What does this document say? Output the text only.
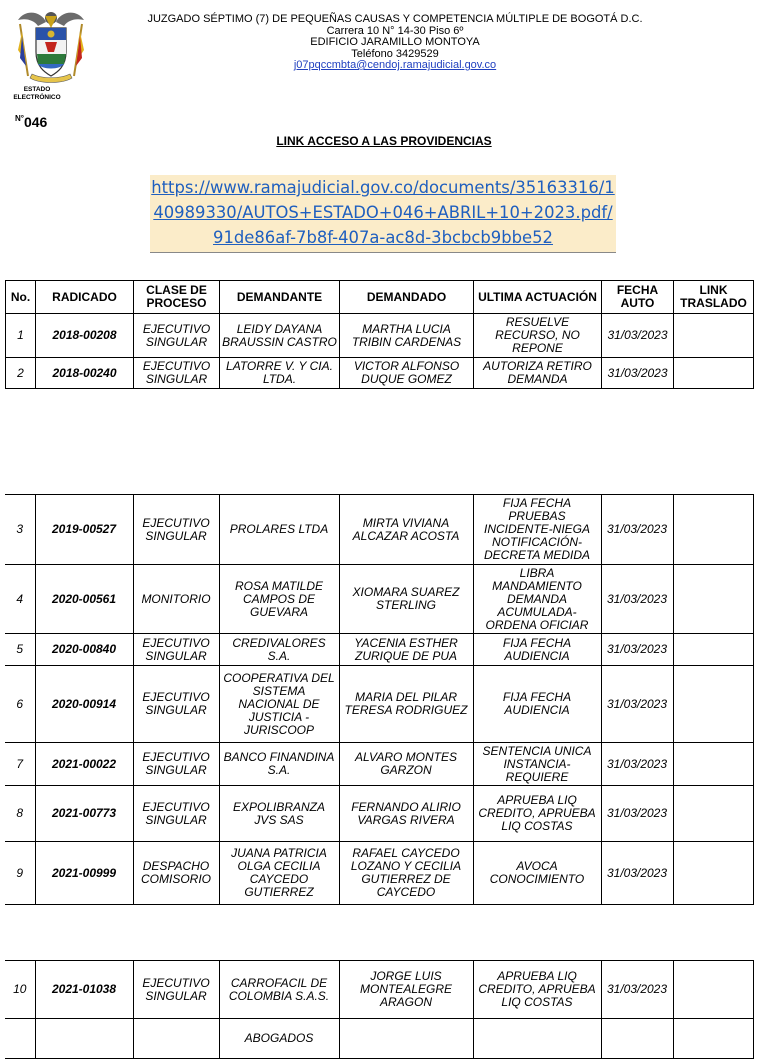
ESTADO ELECTRÓNICO
$^{N^\circ}$046
JUZGADO SÉPTIMO (7) DE PEQUEÑAS CAUSAS Y COMPETENCIA MÚLTIPLE DE BOGOTÁ D.C.
Carrera 10 N° 14-30 Piso 6º
EDIFICIO JARAMILLO MONTOYA
Teléfono 3429529
j07pqccmbta@cendoj.ramajudicial.gov.co
LINK ACCESO A LAS PROVIDENCIAS
https://www.ramajudicial.gov.co/documents/35163316/140989330/AUTOS+ESTADO+046+ABRIL+10+2023.pdf/91de86af-7b8f-407a-ac8d-3bcbcb9bbe52
No.	RADICADO	CLASE DE PROCESO	DEMANDANTE	DEMANDADO	ULTIMA ACTUACIÓN	FECHA AUTO	LINK TRASLADO
1	2018-00208	EJECUTIVO SINGULAR	LEIDY DAYANA BRAUSSIN CASTRO	MARTHA LUCIA TRIBIN CARDENAS	RESUELVE RECURSO, NO REPONE	31/03/2023	
2	2018-00240	EJECUTIVO SINGULAR	LATORRE V. Y CIA. LTDA.	VICTOR ALFONSO DUQUE GOMEZ	AUTORIZA RETIRO DEMANDA	31/03/2023	
3	2019-00527	EJECUTIVO SINGULAR	PROLARES LTDA	MIRTA VIVIANA ALCAZAR ACOSTA	FIJA FECHA PRUEBAS INCIDENTE-NIEGA NOTIFICACIÓN-DECRETA MEDIDA	31/03/2023	
4	2020-00561	MONITORIO	ROSA MATILDE CAMPOS DE GUEVARA	XIOMARA SUAREZ STERLING	LIBRA MANDAMIENTO DEMANDA ACUMULADA-ORDENA OFICIAR	31/03/2023	
5	2020-00840	EJECUTIVO SINGULAR	CREDIVALORES S.A.	YACENIA ESTHER ZURIQUE DE PUA	FIJA FECHA AUDIENCIA	31/03/2023	
6	2020-00914	EJECUTIVO SINGULAR	COOPERATIVA DEL SISTEMA NACIONAL DE JUSTICIA - JURISCOOP	MARIA DEL PILAR TERESA RODRIGUEZ	FIJA FECHA AUDIENCIA	31/03/2023	
7	2021-00022	EJECUTIVO SINGULAR	BANCO FINANDINA S.A.	ALVARO MONTES GARZON	SENTENCIA UNICA INSTANCIA-REQUIERE	31/03/2023	
8	2021-00773	EJECUTIVO SINGULAR	EXPOLIBRANZA JVS SAS	FERNANDO ALIRIO VARGAS RIVERA	APRUEBA LIQ CREDITO, APRUEBA LIQ COSTAS	31/03/2023	
9	2021-00999	DESPACHO COMISORIO	JUANA PATRICIA OLGA CECILIA CAYCEDO GUTIERREZ	RAFAEL CAYCEDO LOZANO Y CECILIA GUTIERREZ DE CAYCEDO	AVOCA CONOCIMIENTO	31/03/2023	
10	2021-01038	EJECUTIVO SINGULAR	CARROFACIL DE COLOMBIA S.A.S.	JORGE LUIS MONTEALEGRE ARAGON	APRUEBA LIQ CREDITO, APRUEBA LIQ COSTAS	31/03/2023	
			ABOGADOS				
